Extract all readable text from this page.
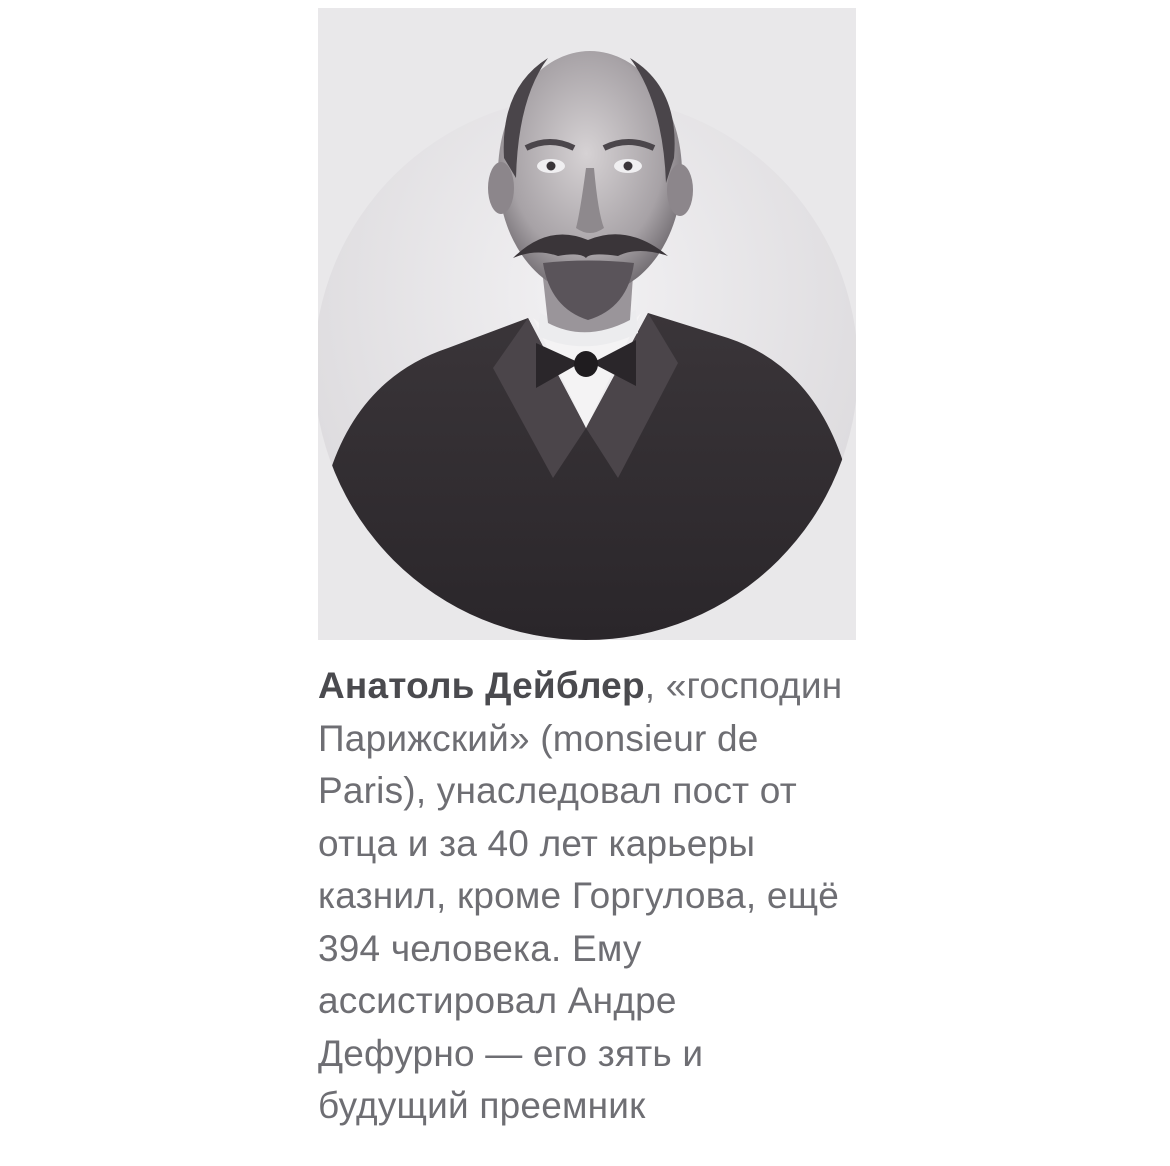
Анатоль Дейблер, «господин
Парижский» (monsieur de
Paris), унаследовал пост от
отца и за 40 лет карьеры
казнил, кроме Горгулова, ещё
394 человека. Ему
ассистировал Андре
Дефурно — его зять и
будущий преемник
